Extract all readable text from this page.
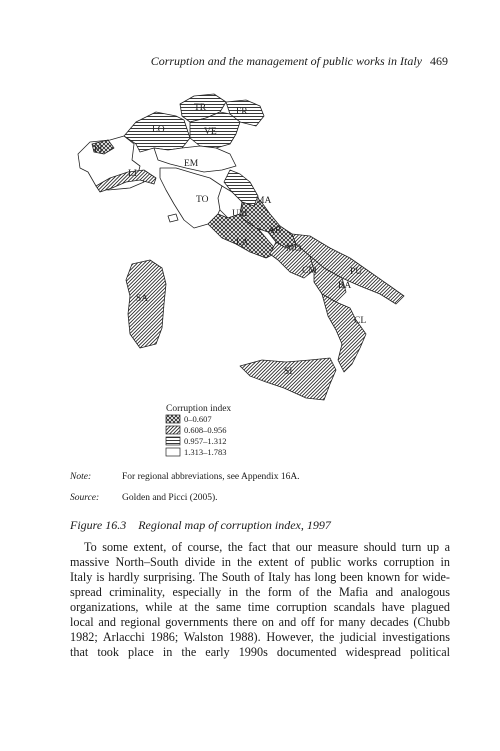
Corruption and the management of public works in Italy 469
PI
LO
TR	FR
VE
LI
EM
TO	MA
UM
AB
LA
MO
CM	PU
BA
CL
SA
SI
Corruption index
0–0.607
0.608–0.956
0.957–1.312
1.313–1.783
Note:	For regional abbreviations, see Appendix 16A.
Source: Golden and Picci (2005).
Figure 16.3 Regional map of corruption index, 1997
To some extent, of course, the fact that our measure should turn up a
massive North–South divide in the extent of public works corruption in
Italy is hardly surprising. The South of Italy has long been known for wide-
spread criminality, especially in the form of the Mafia and analogous
organizations, while at the same time corruption scandals have plagued
local and regional governments there on and off for many decades (Chubb
1982; Arlacchi 1986; Walston 1988). However, the judicial investigations
that took place in the early 1990s documented widespread political
